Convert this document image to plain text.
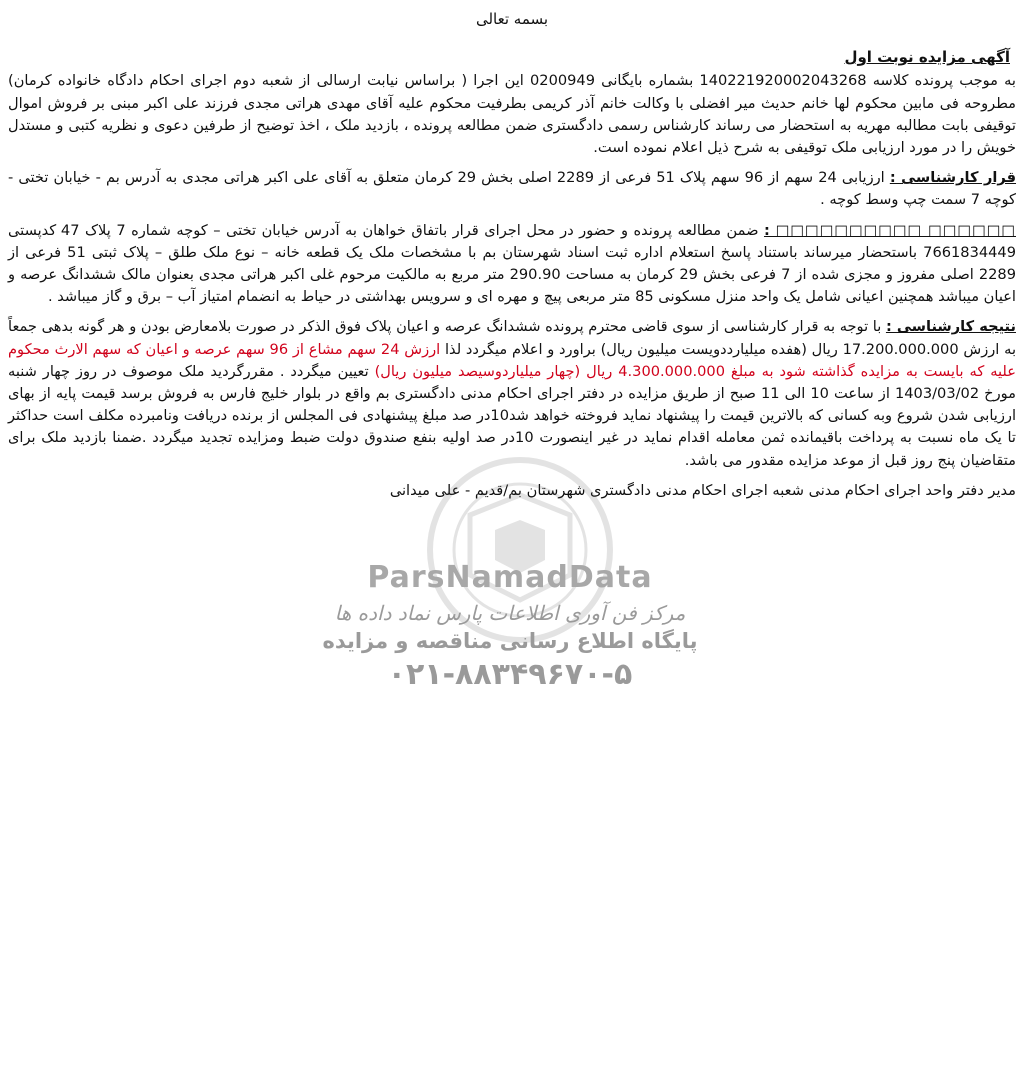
بسمه تعالی
آگهی مزایده نوبت اول

به موجب پرونده کلاسه 140221920002043268 بشماره بایگانی 0200949 این اجرا ( براساس نیابت ارسالی از شعبه دوم اجرای احکام دادگاه خانواده کرمان) مطروحه فی مابین محکوم لها خانم حدیث میر افضلی با وکالت خانم آذر کریمی بطرفیت محکوم علیه آقای مهدی هراتی مجدی فرزند علی اکبر مبنی بر فروش اموال توقیفی بابت مطالبه مهریه به استحضار می رساند کارشناس رسمی دادگستری ضمن مطالعه پرونده ، بازدید ملک ، اخذ توضیح از طرفین دعوی و نظریه کتبی و مستدل خویش را در مورد ارزیابی ملک توقیفی به شرح ذیل اعلام نموده است.

قرار کارشناسی : ارزیابی 24 سهم از 96 سهم پلاک 51 فرعی از 2289 اصلی بخش 29 کرمان متعلق به آقای علی اکبر هراتی مجدی به آدرس بم - خیابان تختی - کوچه 7 سمت چپ وسط کوچه .

□□□□□□ □□□□□□□□□□ : ضمن مطالعه پرونده و حضور در محل اجرای قرار باتفاق خواهان به آدرس خیابان تختی – کوچه شماره 7 پلاک 47 کدپستی 7661834449 باستحضار میرساند باستناد پاسخ استعلام اداره ثبت اسناد شهرستان بم با مشخصات ملک یک قطعه خانه – نوع ملک طلق – پلاک ثبتی 51 فرعی از 2289 اصلی مفروز و مجزی شده از 7 فرعی بخش 29 کرمان به مساحت 290.90 متر مربع به مالکیت مرحوم غلی اکبر هراتی مجدی بعنوان مالک ششدانگ عرصه و اعیان میباشد همچنین اعیانی شامل یک واحد منزل مسکونی 85 متر مربعی پیچ و مهره ای و سرویس بهداشتی در حیاط به انضمام امتیاز آب – برق و گاز میباشد .

نتیجه کارشناسی : با توجه به قرار کارشناسی از سوی قاضی محترم پرونده ششدانگ عرصه و اعیان پلاک فوق الذکر در صورت بلامعارض بودن و هر گونه بدهی جمعاً به ارزش 17.200.000.000 ریال (هفده میلیارددویست میلیون ریال) براورد و اعلام میگردد لذا ارزش 24 سهم مشاع از 96 سهم عرصه و اعیان که سهم الارث محکوم علیه که بایست به مزایده گذاشته شود به مبلغ 4.300.000.000 ریال (چهار میلیاردوسیصد میلیون ریال) تعیین میگردد . مقررگردید ملک موصوف در روز چهار شنبه مورخ 1403/03/02 از ساعت 10 الی 11 صبح از طریق مزایده در دفتر اجرای احکام مدنی دادگستری بم واقع در بلوار خلیج فارس به فروش برسد قیمت پایه از بهای ارزیابی شدن شروع وبه کسانی که بالاترین قیمت را پیشنهاد نماید فروخته خواهد شد10در صد مبلغ پیشنهادی فی المجلس از برنده دریافت ونامبرده مکلف است حداکثر تا یک ماه نسبت به پرداخت باقیمانده ثمن معامله اقدام نماید در غیر اینصورت 10در صد اولیه بنفع صندوق دولت ضبط ومزایده تجدید میگردد .ضمنا بازدید ملک برای متقاضیان پنج روز قبل از موعد مزایده مقدور می باشد.

مدیر دفتر واحد اجرای احکام مدنی شعبه اجرای احکام مدنی دادگستری شهرستان بم/قدیم - علی میدانی

ParsNamadData
مرکز فن آوری اطلاعات پارس نماد داده ها
پایگاه اطلاع رسانی مناقصه و مزایده
۰۲۱-۸۸۳۴۹۶۷۰-۵
